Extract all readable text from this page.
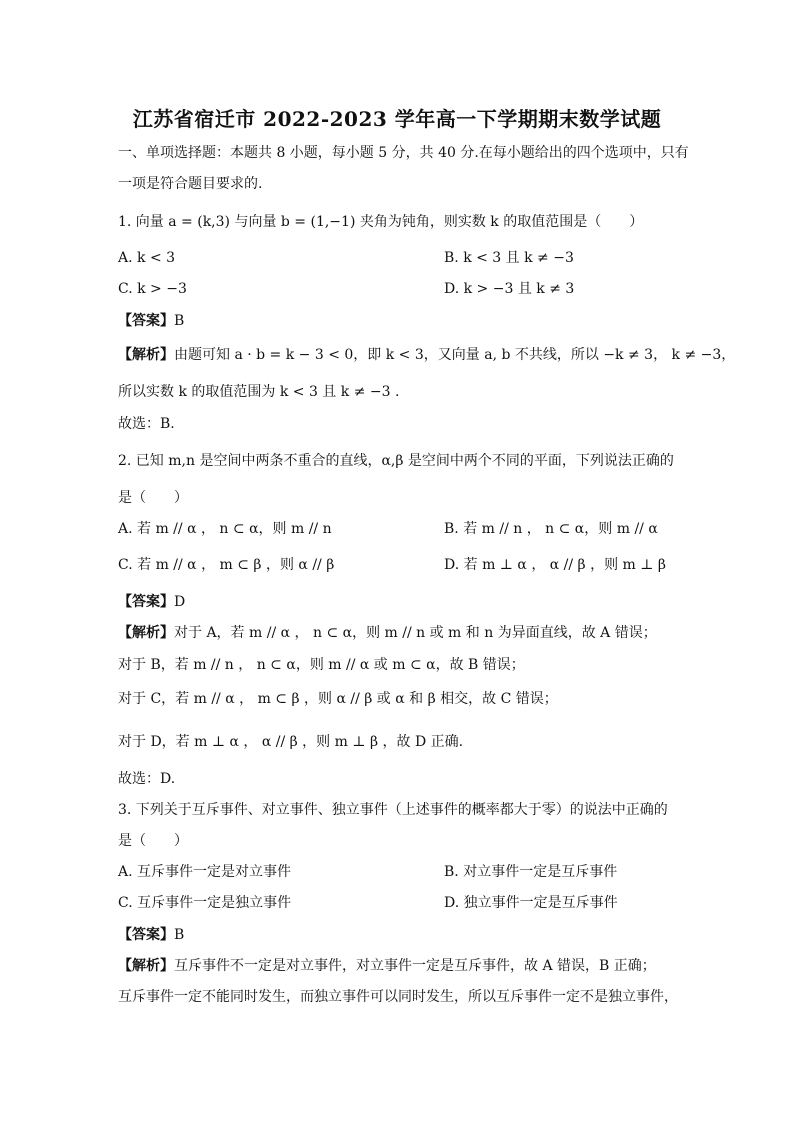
江苏省宿迁市 2022-2023 学年高一下学期期末数学试题
一、单项选择题：本题共 8 小题，每小题 5 分，共 40 分.在每小题给出的四个选项中，只有
一项是符合题目要求的.
1. 向量 a = (k,3) 与向量 b = (1,−1) 夹角为钝角，则实数 k 的取值范围是（　　）
A. k < 3	B. k < 3 且 k ≠ −3
C. k > −3	D. k > −3 且 k ≠ 3
【答案】B
【解析】由题可知 a · b = k − 3 < 0，即 k < 3，又向量 a, b 不共线，所以 −k ≠ 3， k ≠ −3，
所以实数 k 的取值范围为 k < 3 且 k ≠ −3 .
故选：B.
2. 已知 m,n 是空间中两条不重合的直线，α,β 是空间中两个不同的平面，下列说法正确的
是（　　）
A. 若 m // α ， n ⊂ α，则 m // n	B. 若 m // n ， n ⊂ α，则 m // α
C. 若 m // α ， m ⊂ β ，则 α // β	D. 若 m ⊥ α ， α // β ，则 m ⊥ β
【答案】D
【解析】对于 A，若 m // α ， n ⊂ α，则 m // n 或 m 和 n 为异面直线，故 A 错误；
对于 B，若 m // n ， n ⊂ α，则 m // α 或 m ⊂ α，故 B 错误；
对于 C，若 m // α ， m ⊂ β ，则 α // β 或 α 和 β 相交，故 C 错误；
对于 D，若 m ⊥ α ， α // β ，则 m ⊥ β ，故 D 正确.
故选：D.
3. 下列关于互斥事件、对立事件、独立事件（上述事件的概率都大于零）的说法中正确的
是（　　）
A. 互斥事件一定是对立事件	B. 对立事件一定是互斥事件
C. 互斥事件一定是独立事件	D. 独立事件一定是互斥事件
【答案】B
【解析】互斥事件不一定是对立事件，对立事件一定是互斥事件，故 A 错误，B 正确；
互斥事件一定不能同时发生，而独立事件可以同时发生，所以互斥事件一定不是独立事件，
